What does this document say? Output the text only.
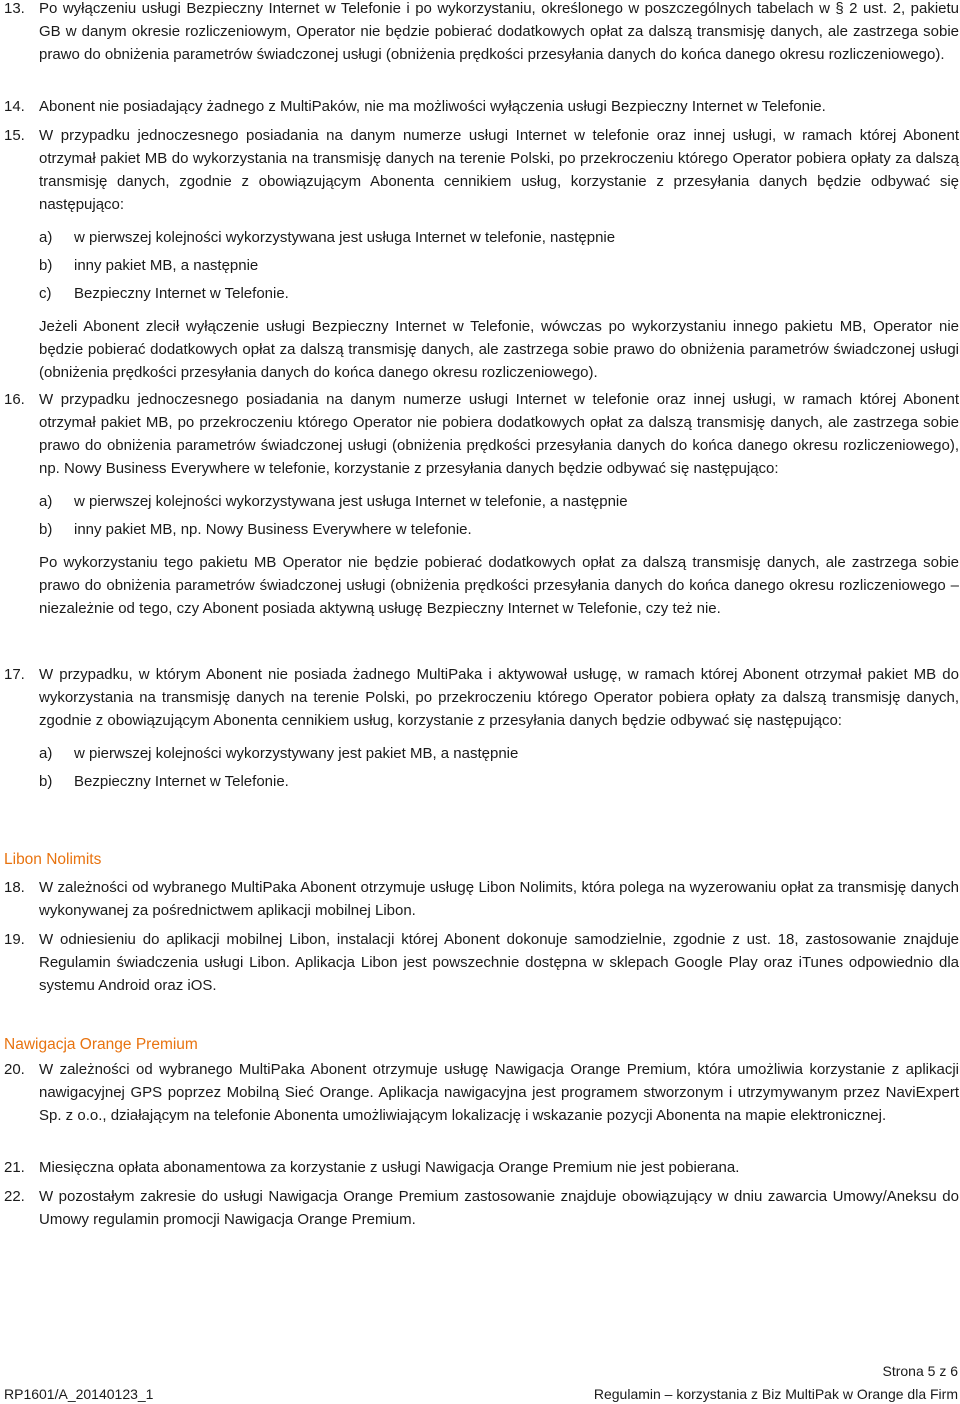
13. Po wyłączeniu usługi Bezpieczny Internet w Telefonie i po wykorzystaniu, określonego w poszczególnych tabelach w § 2 ust. 2, pakietu GB w danym okresie rozliczeniowym, Operator nie będzie pobierać dodatkowych opłat za dalszą transmisję danych, ale zastrzega sobie prawo do obniżenia parametrów świadczonej usługi (obniżenia prędkości przesyłania danych do końca danego okresu rozliczeniowego).

14. Abonent nie posiadający żadnego z MultiPaków, nie ma możliwości wyłączenia usługi Bezpieczny Internet w Telefonie.

15. W przypadku jednoczesnego posiadania na danym numerze usługi Internet w telefonie oraz innej usługi, w ramach której Abonent otrzymał pakiet MB do wykorzystania na transmisję danych na terenie Polski, po przekroczeniu którego Operator pobiera opłaty za dalszą transmisję danych, zgodnie z obowiązującym Abonenta cennikiem usług, korzystanie z przesyłania danych będzie odbywać się następująco:

a) w pierwszej kolejności wykorzystywana jest usługa Internet w telefonie, następnie
b) inny pakiet MB, a następnie
c) Bezpieczny Internet w Telefonie.

Jeżeli Abonent zlecił wyłączenie usługi Bezpieczny Internet w Telefonie, wówczas po wykorzystaniu innego pakietu MB, Operator nie będzie pobierać dodatkowych opłat za dalszą transmisję danych, ale zastrzega sobie prawo do obniżenia parametrów świadczonej usługi (obniżenia prędkości przesyłania danych do końca danego okresu rozliczeniowego).

16. W przypadku jednoczesnego posiadania na danym numerze usługi Internet w telefonie oraz innej usługi, w ramach której Abonent otrzymał pakiet MB, po przekroczeniu którego Operator nie pobiera dodatkowych opłat za dalszą transmisję danych, ale zastrzega sobie prawo do obniżenia parametrów świadczonej usługi (obniżenia prędkości przesyłania danych do końca danego okresu rozliczeniowego), np. Nowy Business Everywhere w telefonie, korzystanie z przesyłania danych będzie odbywać się następująco:

a) w pierwszej kolejności wykorzystywana jest usługa Internet w telefonie, a następnie
b) inny pakiet MB, np. Nowy Business Everywhere w telefonie.

Po wykorzystaniu tego pakietu MB Operator nie będzie pobierać dodatkowych opłat za dalszą transmisję danych, ale zastrzega sobie prawo do obniżenia parametrów świadczonej usługi (obniżenia prędkości przesyłania danych do końca danego okresu rozliczeniowego – niezależnie od tego, czy Abonent posiada aktywną usługę Bezpieczny Internet w Telefonie, czy też nie.

17. W przypadku, w którym Abonent nie posiada żadnego MultiPaka i aktywował usługę, w ramach której Abonent otrzymał pakiet MB do wykorzystania na transmisję danych na terenie Polski, po przekroczeniu którego Operator pobiera opłaty za dalszą transmisję danych, zgodnie z obowiązującym Abonenta cennikiem usług, korzystanie z przesyłania danych będzie odbywać się następująco:

a) w pierwszej kolejności wykorzystywany jest pakiet MB, a następnie
b) Bezpieczny Internet w Telefonie.
Libon Nolimits
18. W zależności od wybranego MultiPaka Abonent otrzymuje usługę Libon Nolimits, która polega na wyzerowaniu opłat za transmisję danych wykonywanej za pośrednictwem aplikacji mobilnej Libon.

19. W odniesieniu do aplikacji mobilnej Libon, instalacji której Abonent dokonuje samodzielnie, zgodnie z ust. 18, zastosowanie znajduje Regulamin świadczenia usługi Libon. Aplikacja Libon jest powszechnie dostępna w sklepach Google Play oraz iTunes odpowiednio dla systemu Android oraz iOS.

Nawigacja Orange Premium
20. W zależności od wybranego MultiPaka Abonent otrzymuje usługę Nawigacja Orange Premium, która umożliwia korzystanie z aplikacji nawigacyjnej GPS poprzez Mobilną Sieć Orange. Aplikacja nawigacyjna jest programem stworzonym i utrzymywanym przez NaviExpert Sp. z o.o., działającym na telefonie Abonenta umożliwiającym lokalizację i wskazanie pozycji Abonenta na mapie elektronicznej.

21. Miesięczna opłata abonamentowa za korzystanie z usługi Nawigacja Orange Premium nie jest pobierana.

22. W pozostałym zakresie do usługi Nawigacja Orange Premium zastosowanie znajduje obowiązujący w dniu zawarcia Umowy/Aneksu do Umowy regulamin promocji Nawigacja Orange Premium.

Strona 5 z 6
RP1601/A_20140123_1	Regulamin – korzystania z Biz MultiPak w Orange dla Firm
